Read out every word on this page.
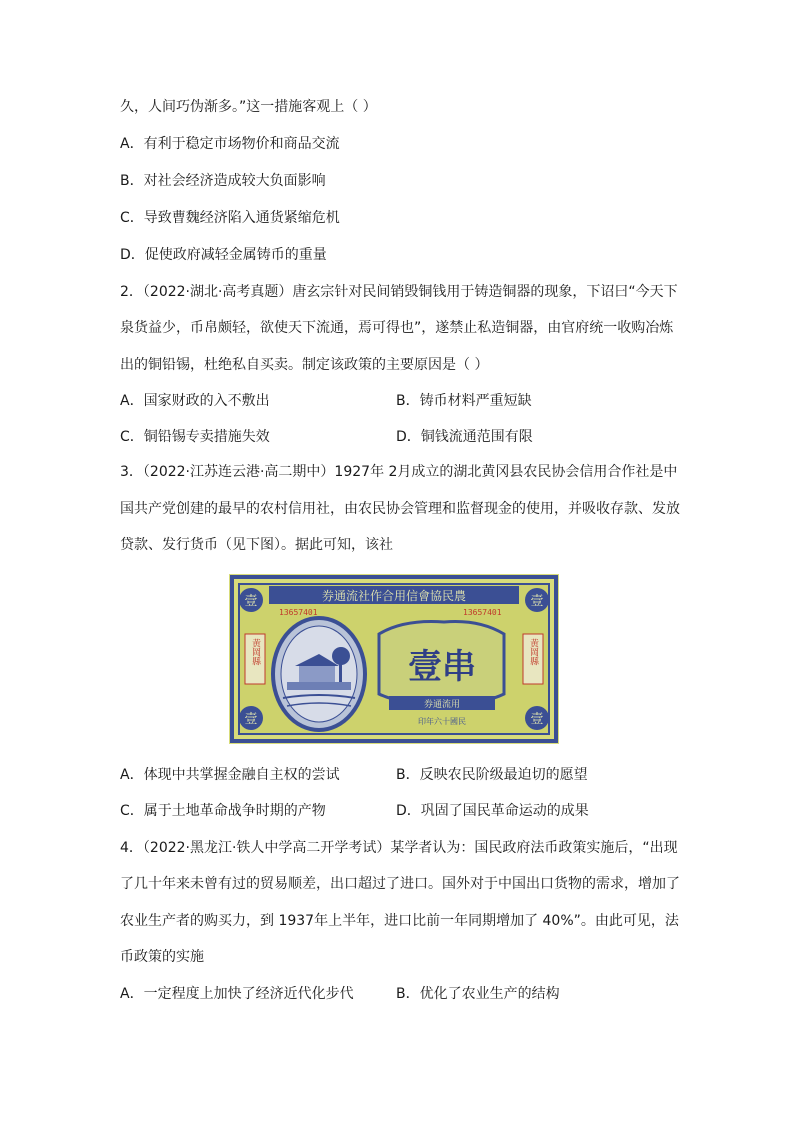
久，人间巧伪渐多。”这一措施客观上（ ）
A．有利于稳定市场物价和商品交流
B．对社会经济造成较大负面影响
C．导致曹魏经济陷入通货紧缩危机
D．促使政府减轻金属铸币的重量
2．（2022·湖北·高考真题）唐玄宗针对民间销毁铜钱用于铸造铜器的现象，下诏曰“今天下
泉货益少，币帛颇轻，欲使天下流通，焉可得也”，遂禁止私造铜器，由官府统一收购冶炼
出的铜铅锡，杜绝私自买卖。制定该政策的主要原因是（ ）
A．国家财政的入不敷出	B．铸币材料严重短缺
C．铜铅锡专卖措施失效	D．铜钱流通范围有限
3．（2022·江苏连云港·高二期中）1927年 2月成立的湖北黄冈县农民协会信用合作社是中
国共产党创建的最早的农村信用社，由农民协会管理和监督现金的使用，并吸收存款、发放
贷款、发行货币（见下图）。据此可知，该社
券通流社作合用信會協民農
13657401	13657401
壹	壹
壹	壹
黄岡縣	黄岡縣
壹串
券通流用
印年六十國民
A．体现中共掌握金融自主权的尝试	B．反映农民阶级最迫切的愿望
C．属于土地革命战争时期的产物	D．巩固了国民革命运动的成果
4．（2022·黑龙江·铁人中学高二开学考试）某学者认为：国民政府法币政策实施后，“出现
了几十年来未曾有过的贸易顺差，出口超过了进口。国外对于中国出口货物的需求，增加了
农业生产者的购买力，到 1937年上半年，进口比前一年同期增加了 40%”。由此可见，法
币政策的实施
A．一定程度上加快了经济近代化步代	B．优化了农业生产的结构
